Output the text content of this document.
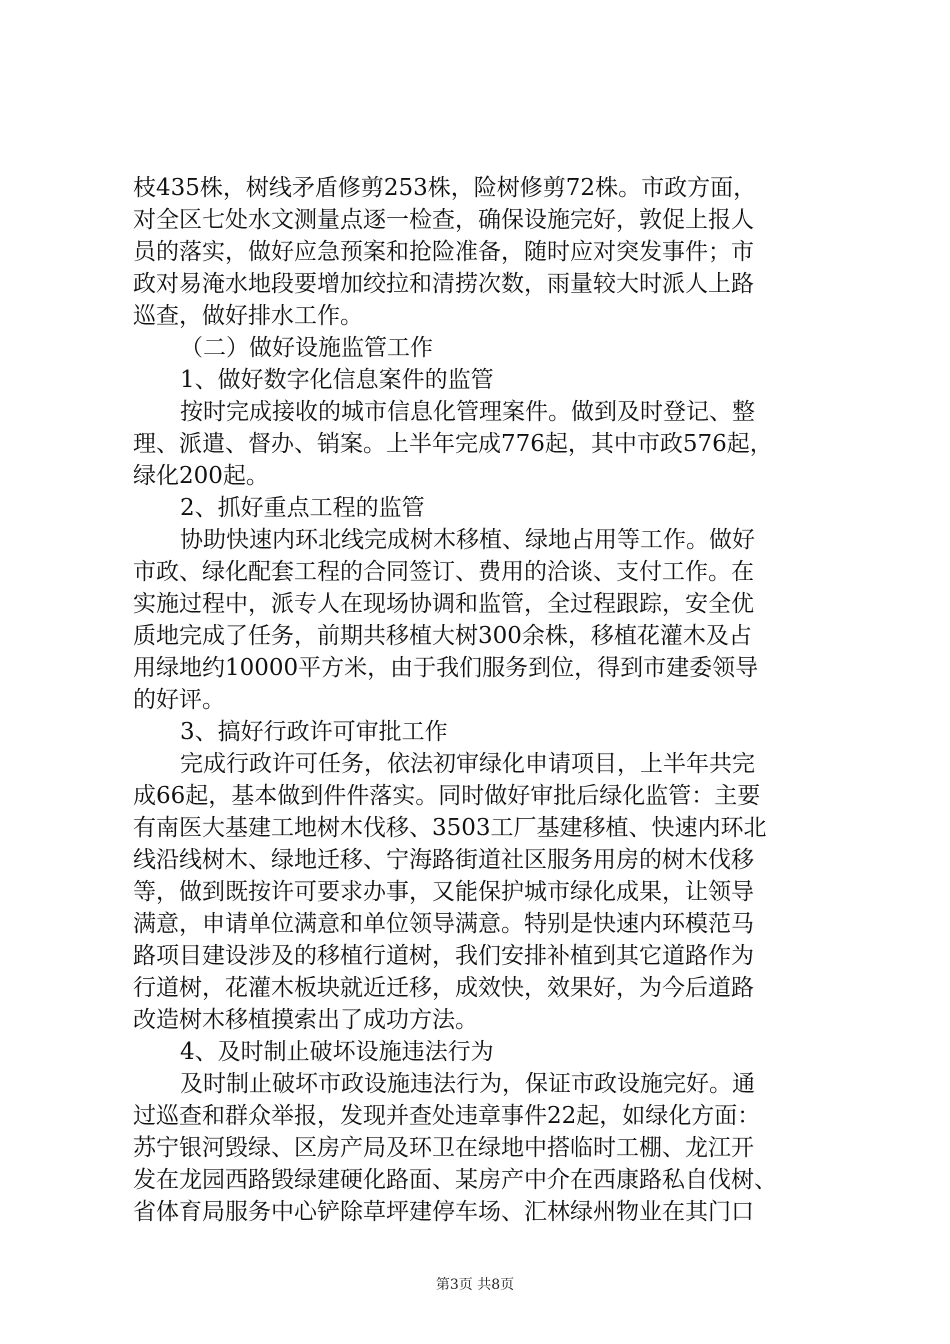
枝435株，树线矛盾修剪253株，险树修剪72株。市政方面，
对全区七处水文测量点逐一检查，确保设施完好，敦促上报人
员的落实，做好应急预案和抢险准备，随时应对突发事件；市
政对易淹水地段要增加绞拉和清捞次数，雨量较大时派人上路
巡查，做好排水工作。
（二）做好设施监管工作
1、做好数字化信息案件的监管
按时完成接收的城市信息化管理案件。做到及时登记、整
理、派遣、督办、销案。上半年完成776起，其中市政576起，
绿化200起。
2、抓好重点工程的监管
协助快速内环北线完成树木移植、绿地占用等工作。做好
市政、绿化配套工程的合同签订、费用的洽谈、支付工作。在
实施过程中，派专人在现场协调和监管，全过程跟踪，安全优
质地完成了任务，前期共移植大树300余株，移植花灌木及占
用绿地约10000平方米，由于我们服务到位，得到市建委领导
的好评。
3、搞好行政许可审批工作
完成行政许可任务，依法初审绿化申请项目，上半年共完
成66起，基本做到件件落实。同时做好审批后绿化监管：主要
有南医大基建工地树木伐移、3503工厂基建移植、快速内环北
线沿线树木、绿地迁移、宁海路街道社区服务用房的树木伐移
等，做到既按许可要求办事，又能保护城市绿化成果，让领导
满意，申请单位满意和单位领导满意。特别是快速内环模范马
路项目建设涉及的移植行道树，我们安排补植到其它道路作为
行道树，花灌木板块就近迁移，成效快，效果好，为今后道路
改造树木移植摸索出了成功方法。
4、及时制止破坏设施违法行为
及时制止破坏市政设施违法行为，保证市政设施完好。通
过巡查和群众举报，发现并查处违章事件22起，如绿化方面：
苏宁银河毁绿、区房产局及环卫在绿地中搭临时工棚、龙江开
发在龙园西路毁绿建硬化路面、某房产中介在西康路私自伐树、
省体育局服务中心铲除草坪建停车场、汇林绿州物业在其门口
第3页 共8页
